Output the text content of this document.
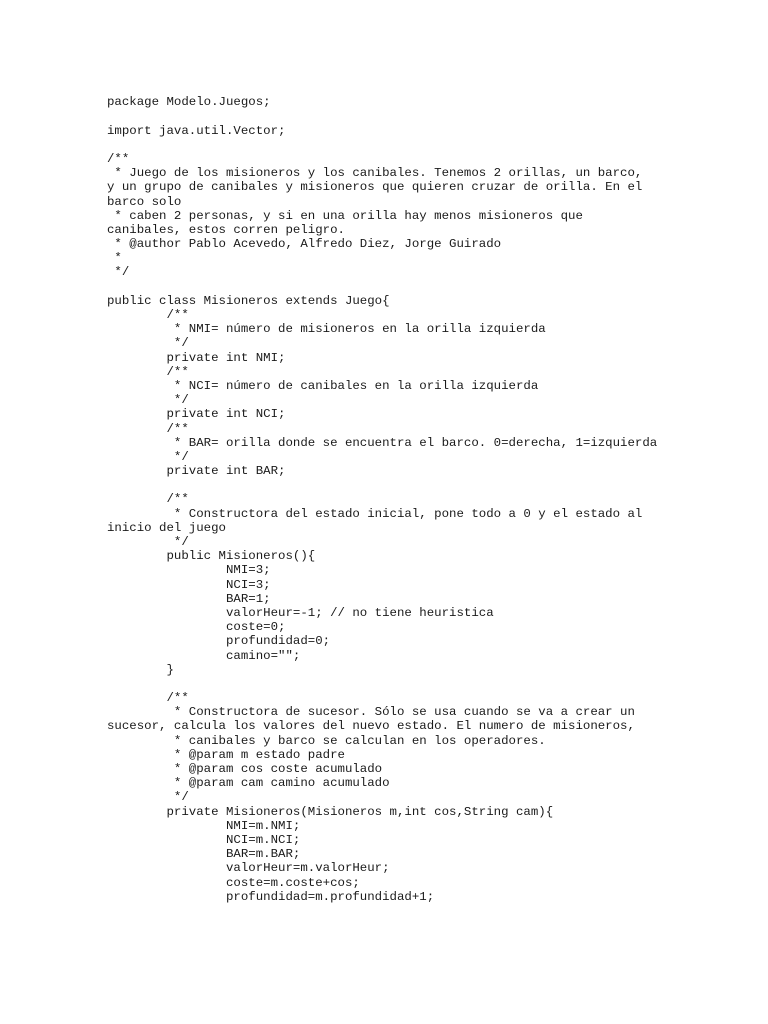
package Modelo.Juegos;
import java.util.Vector;
/**
* Juego de los misioneros y los canibales. Tenemos 2 orillas, un barco,
y un grupo de canibales y misioneros que quieren cruzar de orilla. En el
barco solo
* caben 2 personas, y si en una orilla hay menos misioneros que
canibales, estos corren peligro.
* @author Pablo Acevedo, Alfredo Diez, Jorge Guirado
*
*/
public class Misioneros extends Juego{
/**
* NMI= número de misioneros en la orilla izquierda
*/
private int NMI;
/**
* NCI= número de canibales en la orilla izquierda
*/
private int NCI;
/**
* BAR= orilla donde se encuentra el barco. 0=derecha, 1=izquierda
*/
private int BAR;
/**
* Constructora del estado inicial, pone todo a 0 y el estado al
inicio del juego
*/
public Misioneros(){
NMI=3;
NCI=3;
BAR=1;
valorHeur=-1; // no tiene heuristica
coste=0;
profundidad=0;
camino="";
}
/**
* Constructora de sucesor. Sólo se usa cuando se va a crear un
sucesor, calcula los valores del nuevo estado. El numero de misioneros,
* canibales y barco se calculan en los operadores.
* @param m estado padre
* @param cos coste acumulado
* @param cam camino acumulado
*/
private Misioneros(Misioneros m,int cos,String cam){
NMI=m.NMI;
NCI=m.NCI;
BAR=m.BAR;
valorHeur=m.valorHeur;
coste=m.coste+cos;
profundidad=m.profundidad+1;
